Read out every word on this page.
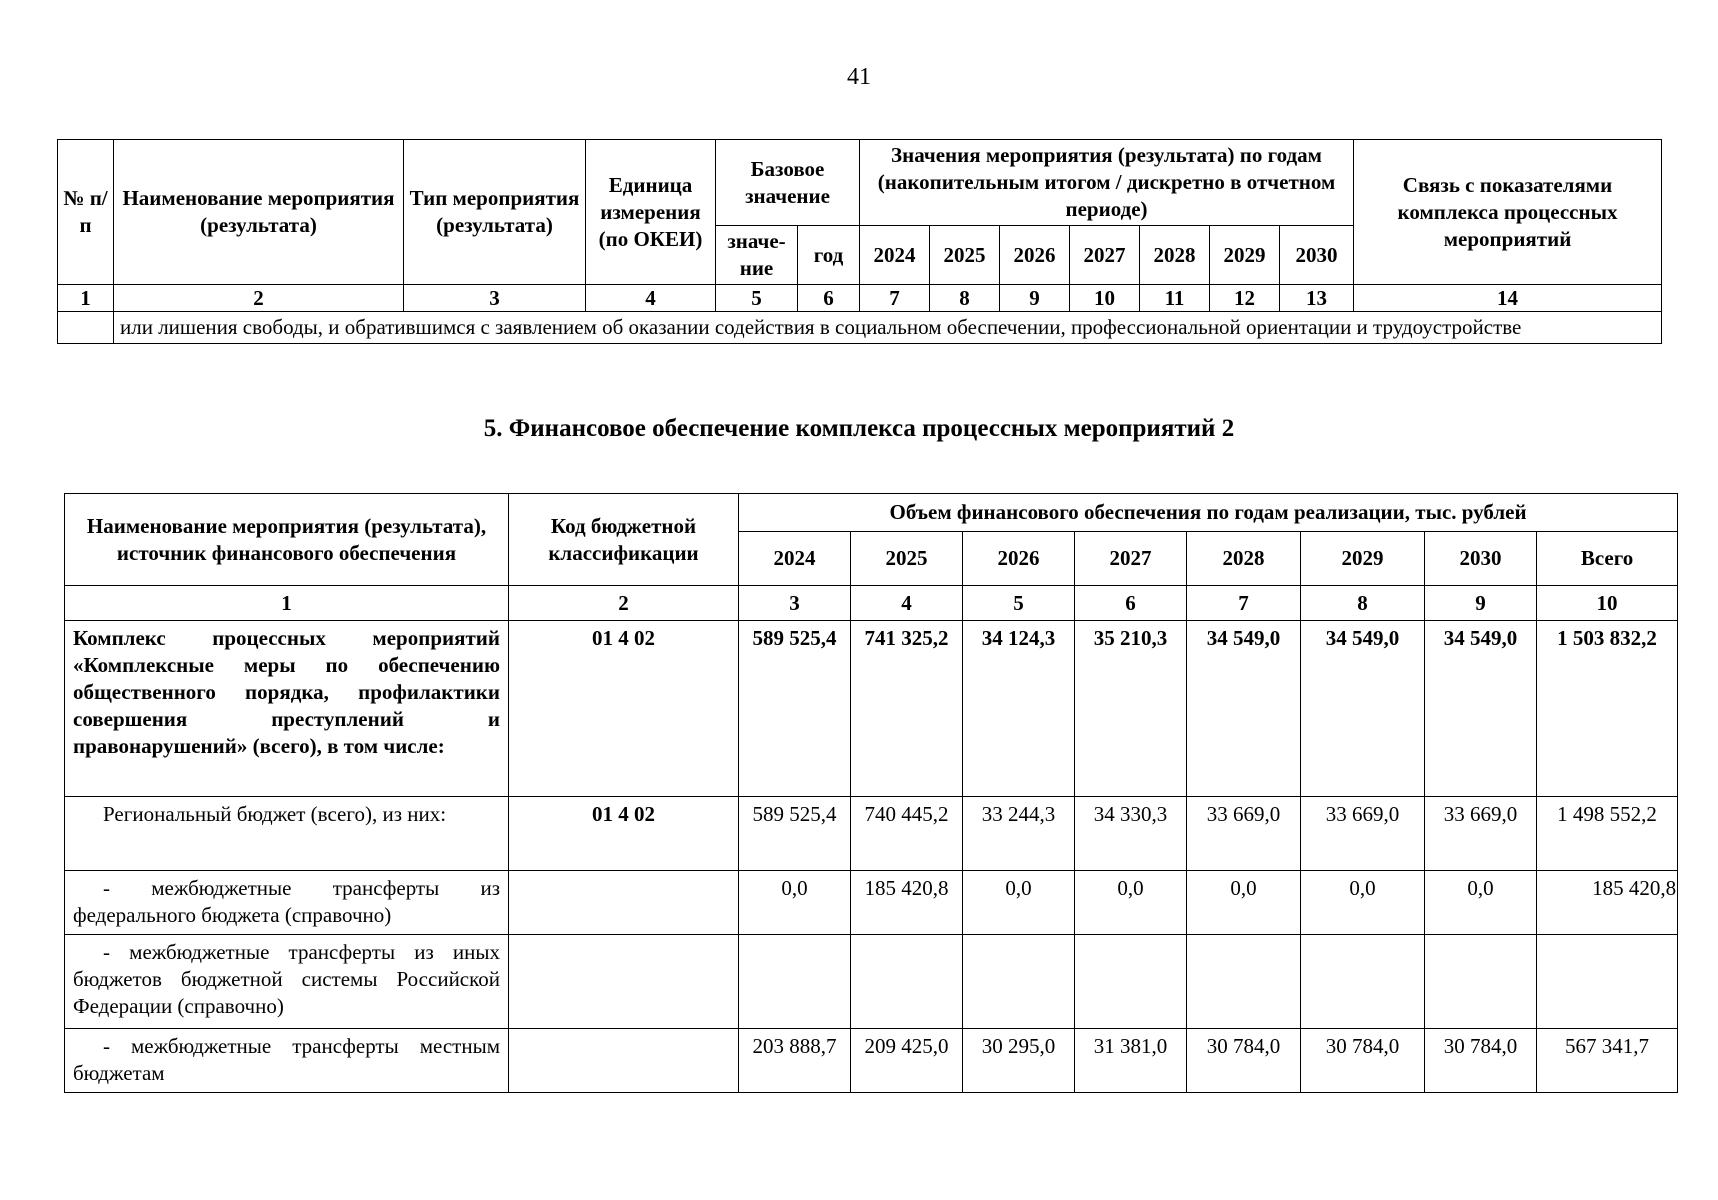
41
№ п/п	Наименование мероприятия (результата)	Тип мероприятия (результата)	Единица измерения (по ОКЕИ)	Базовое значение		Значения мероприятия (результата) по годам (накопительным итогом / дискретно в отчетном периоде)							Связь с показателями комплекса процессных мероприятий
				значе-ние	год	2024	2025	2026	2027	2028	2029	2030	
1	2	3	4	5	6	7	8	9	10	11	12	13	14
	или лишения свободы, и обратившимся с заявлением об оказании содействия в социальном обеспечении, профессиональной ориентации и трудоустройстве												
5. Финансовое обеспечение комплекса процессных мероприятий 2
Наименование мероприятия (результата), источник финансового обеспечения	Код бюджетной классификации	Объем финансового обеспечения по годам реализации, тыс. рублей							
		2024	2025	2026	2027	2028	2029	2030	Всего
1	2	3	4	5	6	7	8	9	10
Комплекс процессных мероприятий «Комплексные меры по обеспечению общественного порядка, профилактики совершения преступлений и правонарушений» (всего), в том числе:	01 4 02	589 525,4	741 325,2	34 124,3	35 210,3	34 549,0	34 549,0	34 549,0	1 503 832,2
Региональный бюджет (всего), из них:	01 4 02	589 525,4	740 445,2	33 244,3	34 330,3	33 669,0	33 669,0	33 669,0	1 498 552,2
- межбюджетные трансферты из федерального бюджета (справочно)		0,0	185 420,8	0,0	0,0	0,0	0,0	0,0	185 420,8
- межбюджетные трансферты из иных бюджетов бюджетной системы Российской Федерации (справочно)									
- межбюджетные трансферты местным бюджетам		203 888,7	209 425,0	30 295,0	31 381,0	30 784,0	30 784,0	30 784,0	567 341,7
